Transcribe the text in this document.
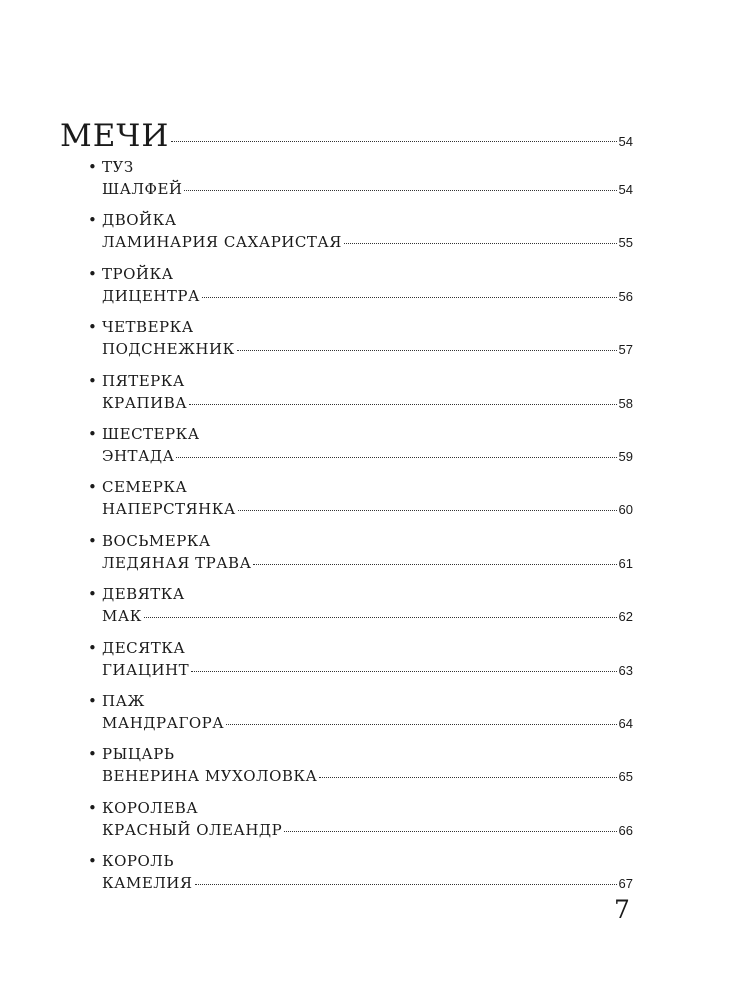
МЕЧИ	54
• ТУЗ
ШАЛФЕЙ	54
• ДВОЙКА
ЛАМИНАРИЯ САХАРИСТАЯ	55
• ТРОЙКА
ДИЦЕНТРА	56
• ЧЕТВЕРКА
ПОДСНЕЖНИК	57
• ПЯТЕРКА
КРАПИВА	58
• ШЕСТЕРКА
ЭНТАДА	59
• СЕМЕРКА
НАПЕРСТЯНКА	60
• ВОСЬМЕРКА
ЛЕДЯНАЯ ТРАВА	61
• ДЕВЯТКА
МАК	62
• ДЕСЯТКА
ГИАЦИНТ	63
• ПАЖ
МАНДРАГОРА	64
• РЫЦАРЬ
ВЕНЕРИНА МУХОЛОВКА	65
• КОРОЛЕВА
КРАСНЫЙ ОЛЕАНДР	66
• КОРОЛЬ
КАМЕЛИЯ	67
7
